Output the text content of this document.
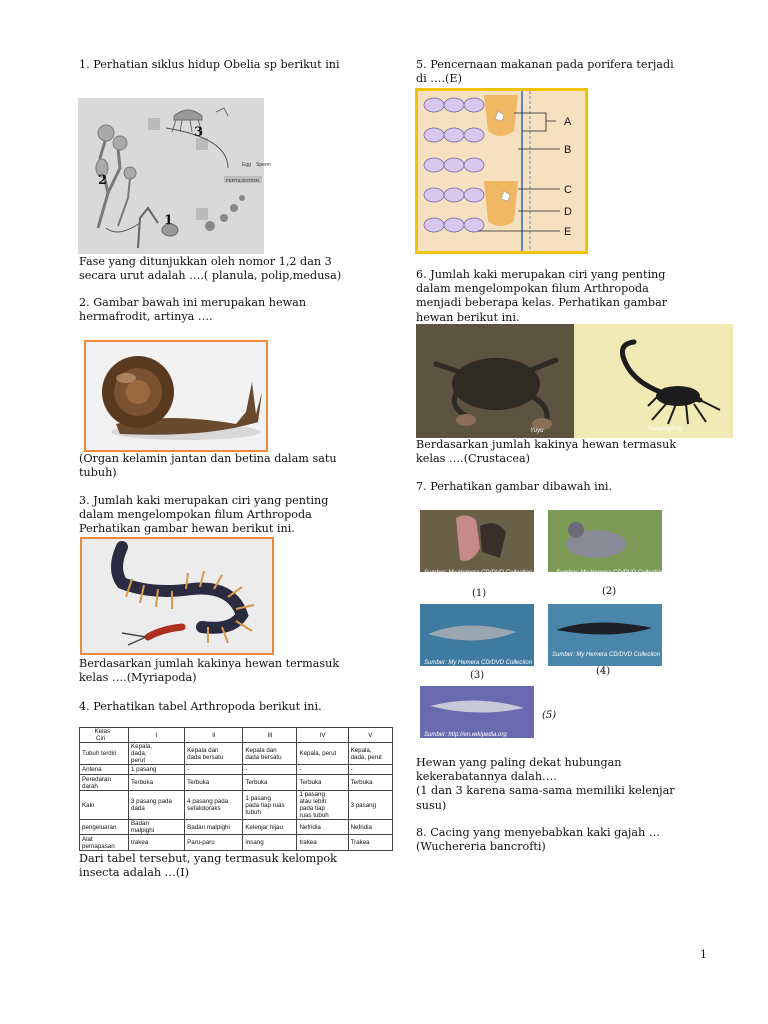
1. Perhatian siklus hidup Obelia sp berikut ini
Egg Sperm
FERTILIZATION
3
2
1
Fase yang ditunjukkan oleh nomor 1,2 dan 3
secara urut adalah ….( planula, polip,medusa)
2. Gambar bawah ini merupakan hewan
hermafrodit, artinya ….
(Organ kelamin jantan dan betina dalam satu
tubuh)
3. Jumlah kaki merupakan ciri yang penting
dalam mengelompokan filum Arthropoda
Perhatikan gambar hewan berikut ini.
Berdasarkan jumlah kakinya hewan termasuk
kelas ….(Myriapoda)
4. Perhatikan tabel Arthropoda berikut ini.
Kelas
Ciri	I	II	III	IV	V
Tubuh terdiri	Kepala,
dada,
perut	Kepala dan
dada bersatu	Kepala dan
dada bersatu	Kepala, perut	Kepala,
dada, perut
Antena	1 pasang	-	-	-	-
Peredaran
darah	Terbuka	Terbuka	Terbuka	Terbuka	Terbuka
Kaki	3 pasang pada
dada	4 pasang pada
sefalotoraks	1 pasang
pada tiap ruas
tubuh	1 pasang
atau lebih
pada tiap
ruas tubuh	3 pasang
pengeluaran	Badan
malpighi	Badan malpighi	Kelenjar hijau	Nefridia	Nefridia
Alat
pernapasan	trakea	Paru-paru	insang	trakea	Trakea
Dari tabel tersebut, yang termasuk kelompok
insecta adalah …(I)
5. Pencernaan makanan pada porifera terjadi
di ….(E)
A
B
C
D
E
6. Jumlah kaki merupakan ciri yang penting
dalam mengelompokan filum Arthropoda
menjadi beberapa kelas. Perhatikan gambar
hewan berikut ini.
Yuyu	Kalajengking
Berdasarkan jumlah kakinya hewan termasuk
kelas ….(Crustacea)
7. Perhatikan gambar dibawah ini.
Sumber: My Hemera CD/DVD Collection
(1)
Sumber: My Hemera CD/DVD Collection
(2)
Sumber: My Hemera CD/DVD Collection
(3)
Sumber: My Hemera CD/DVD Collection
(4)
Sumber: http://en.wikipedia.org
(5)
Hewan yang paling dekat hubungan
kekerabatannya dalah….
(1 dan 3 karena sama-sama memiliki kelenjar
susu)
8. Cacing yang menyebabkan kaki gajah …
(Wuchereria bancrofti)
1
